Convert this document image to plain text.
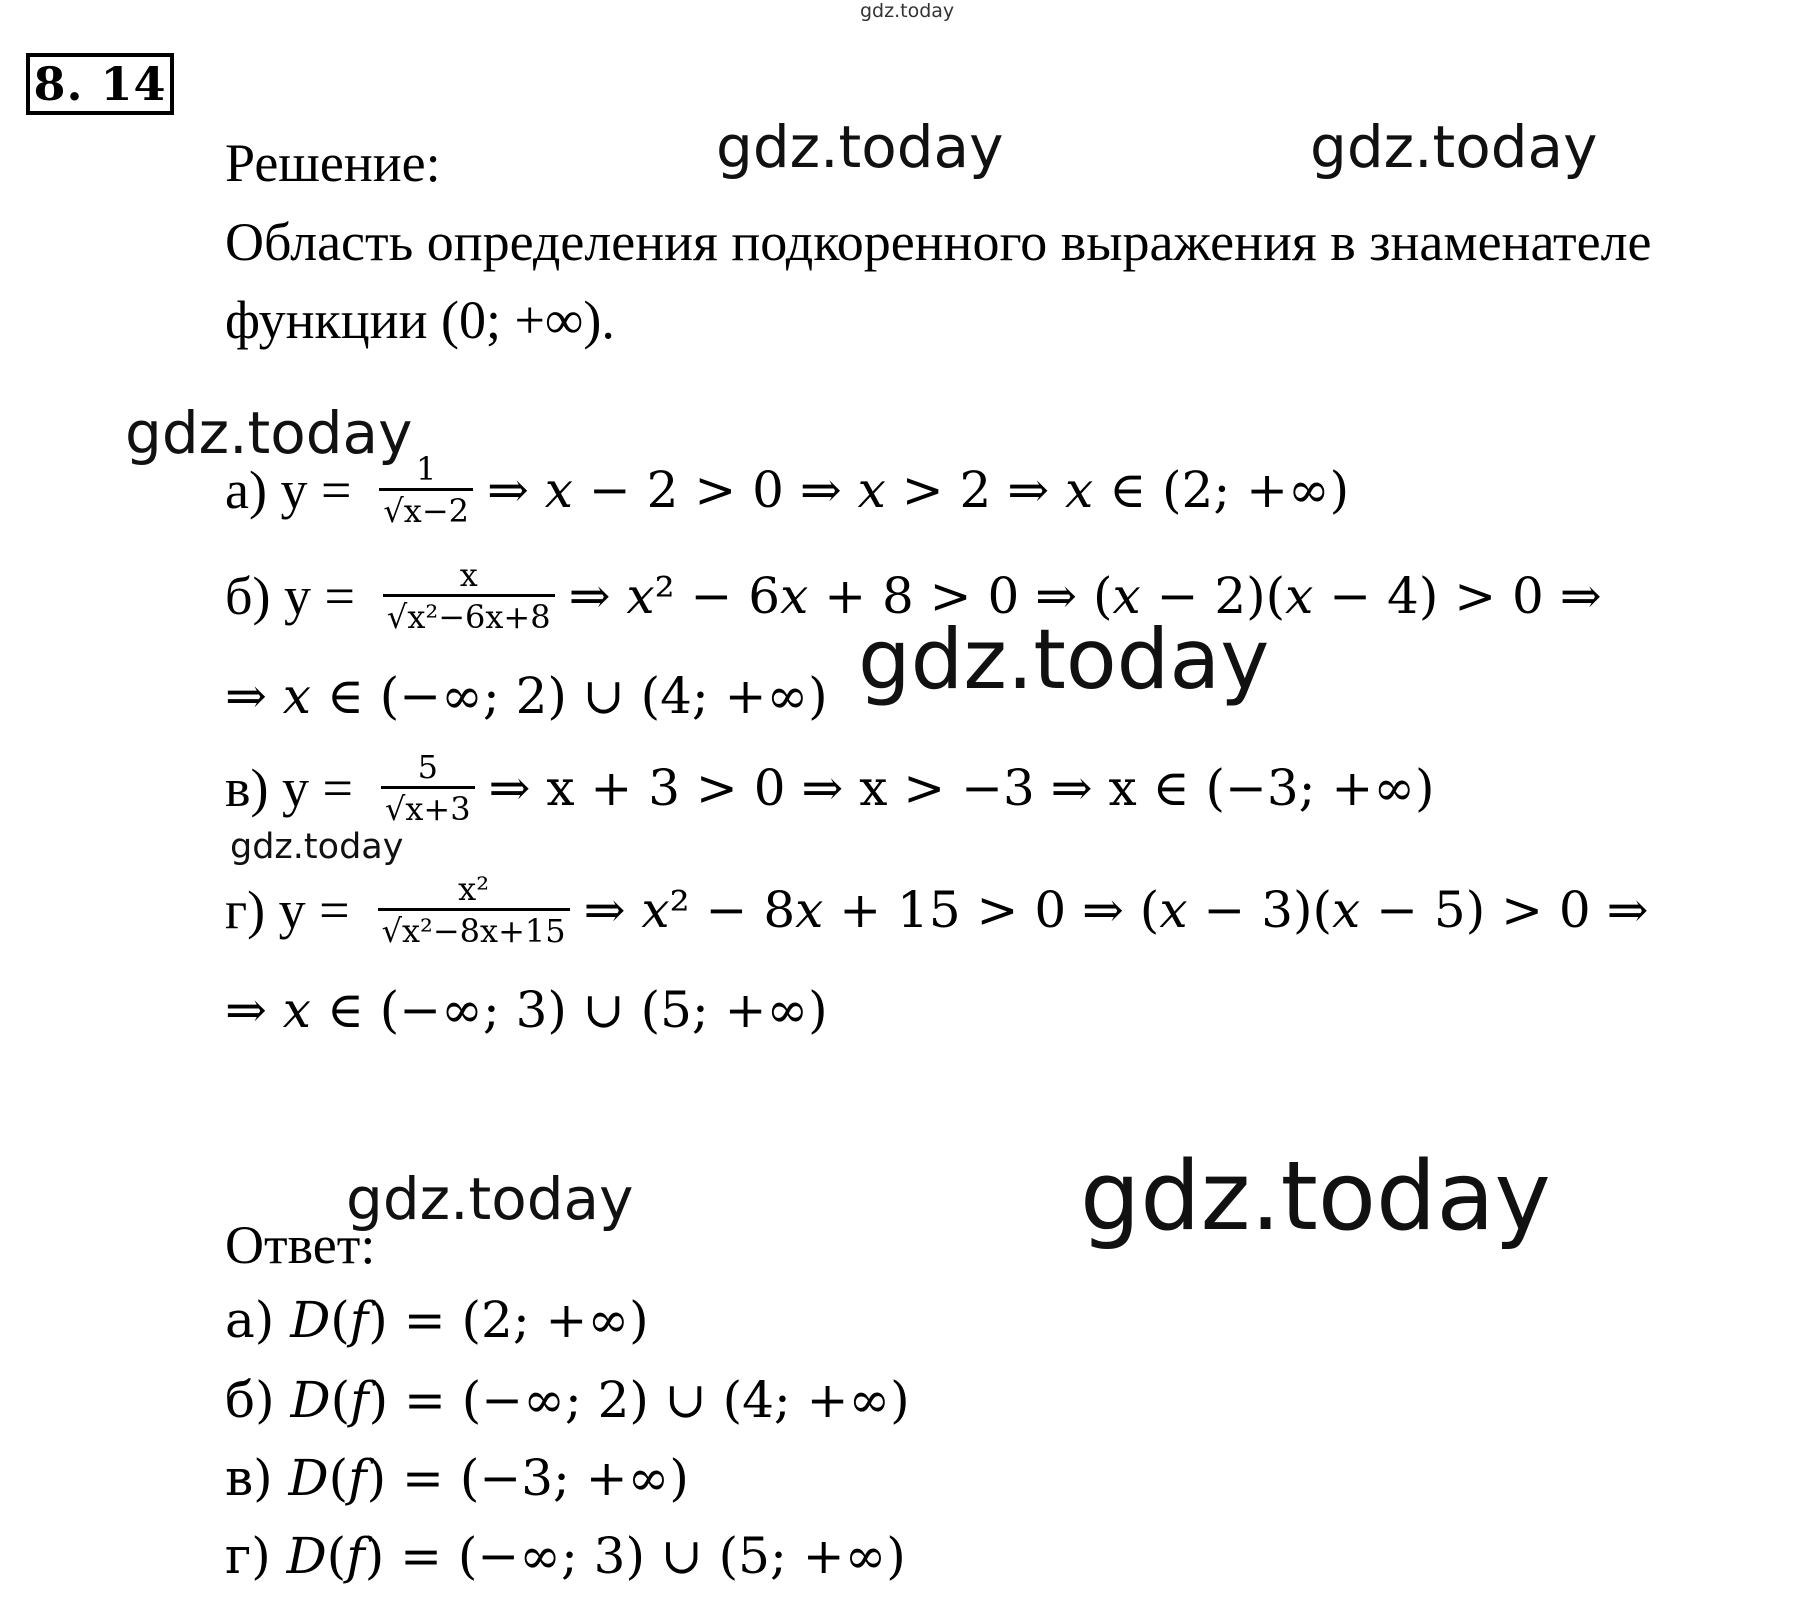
gdz.today
gdz.today	gdz.today
gdz.today
gdz.today
gdz.today
gdz.today	gdz.today
8. 14
Решение:
Область определения подкоренного выражения в знаменателе
функции (0; +∞).
а) $y = \frac{1}{√x-2}$ ⇒ 𝑥 − 2 > 0 ⇒ 𝑥 > 2 ⇒ 𝑥 ∈ (2; +∞)
б) $y = \frac{x}{\text{√x²−6x+8}}$ ⇒ 𝑥² − 6𝑥 + 8 > 0 ⇒ (𝑥 − 2)(𝑥 − 4) > 0 ⇒
⇒ 𝑥 ∈ (−∞; 2) ∪ (4; +∞)
в) $y = \frac{5}{√x+3}$ ⇒ x + 3 > 0 ⇒ x > −3 ⇒ x ∈ (−3; +∞)
г) $y = \frac{\text{x²}}{\text{√x²−8x+15}}$ ⇒ 𝑥² − 8𝑥 + 15 > 0 ⇒ (𝑥 − 3)(𝑥 − 5) > 0 ⇒
⇒ 𝑥 ∈ (−∞; 3) ∪ (5; +∞)
Ответ:
а) 𝐷(𝑓) = (2; +∞)
б) 𝐷(𝑓) = (−∞; 2) ∪ (4; +∞)
в) 𝐷(𝑓) = (−3; +∞)
г) 𝐷(𝑓) = (−∞; 3) ∪ (5; +∞)
